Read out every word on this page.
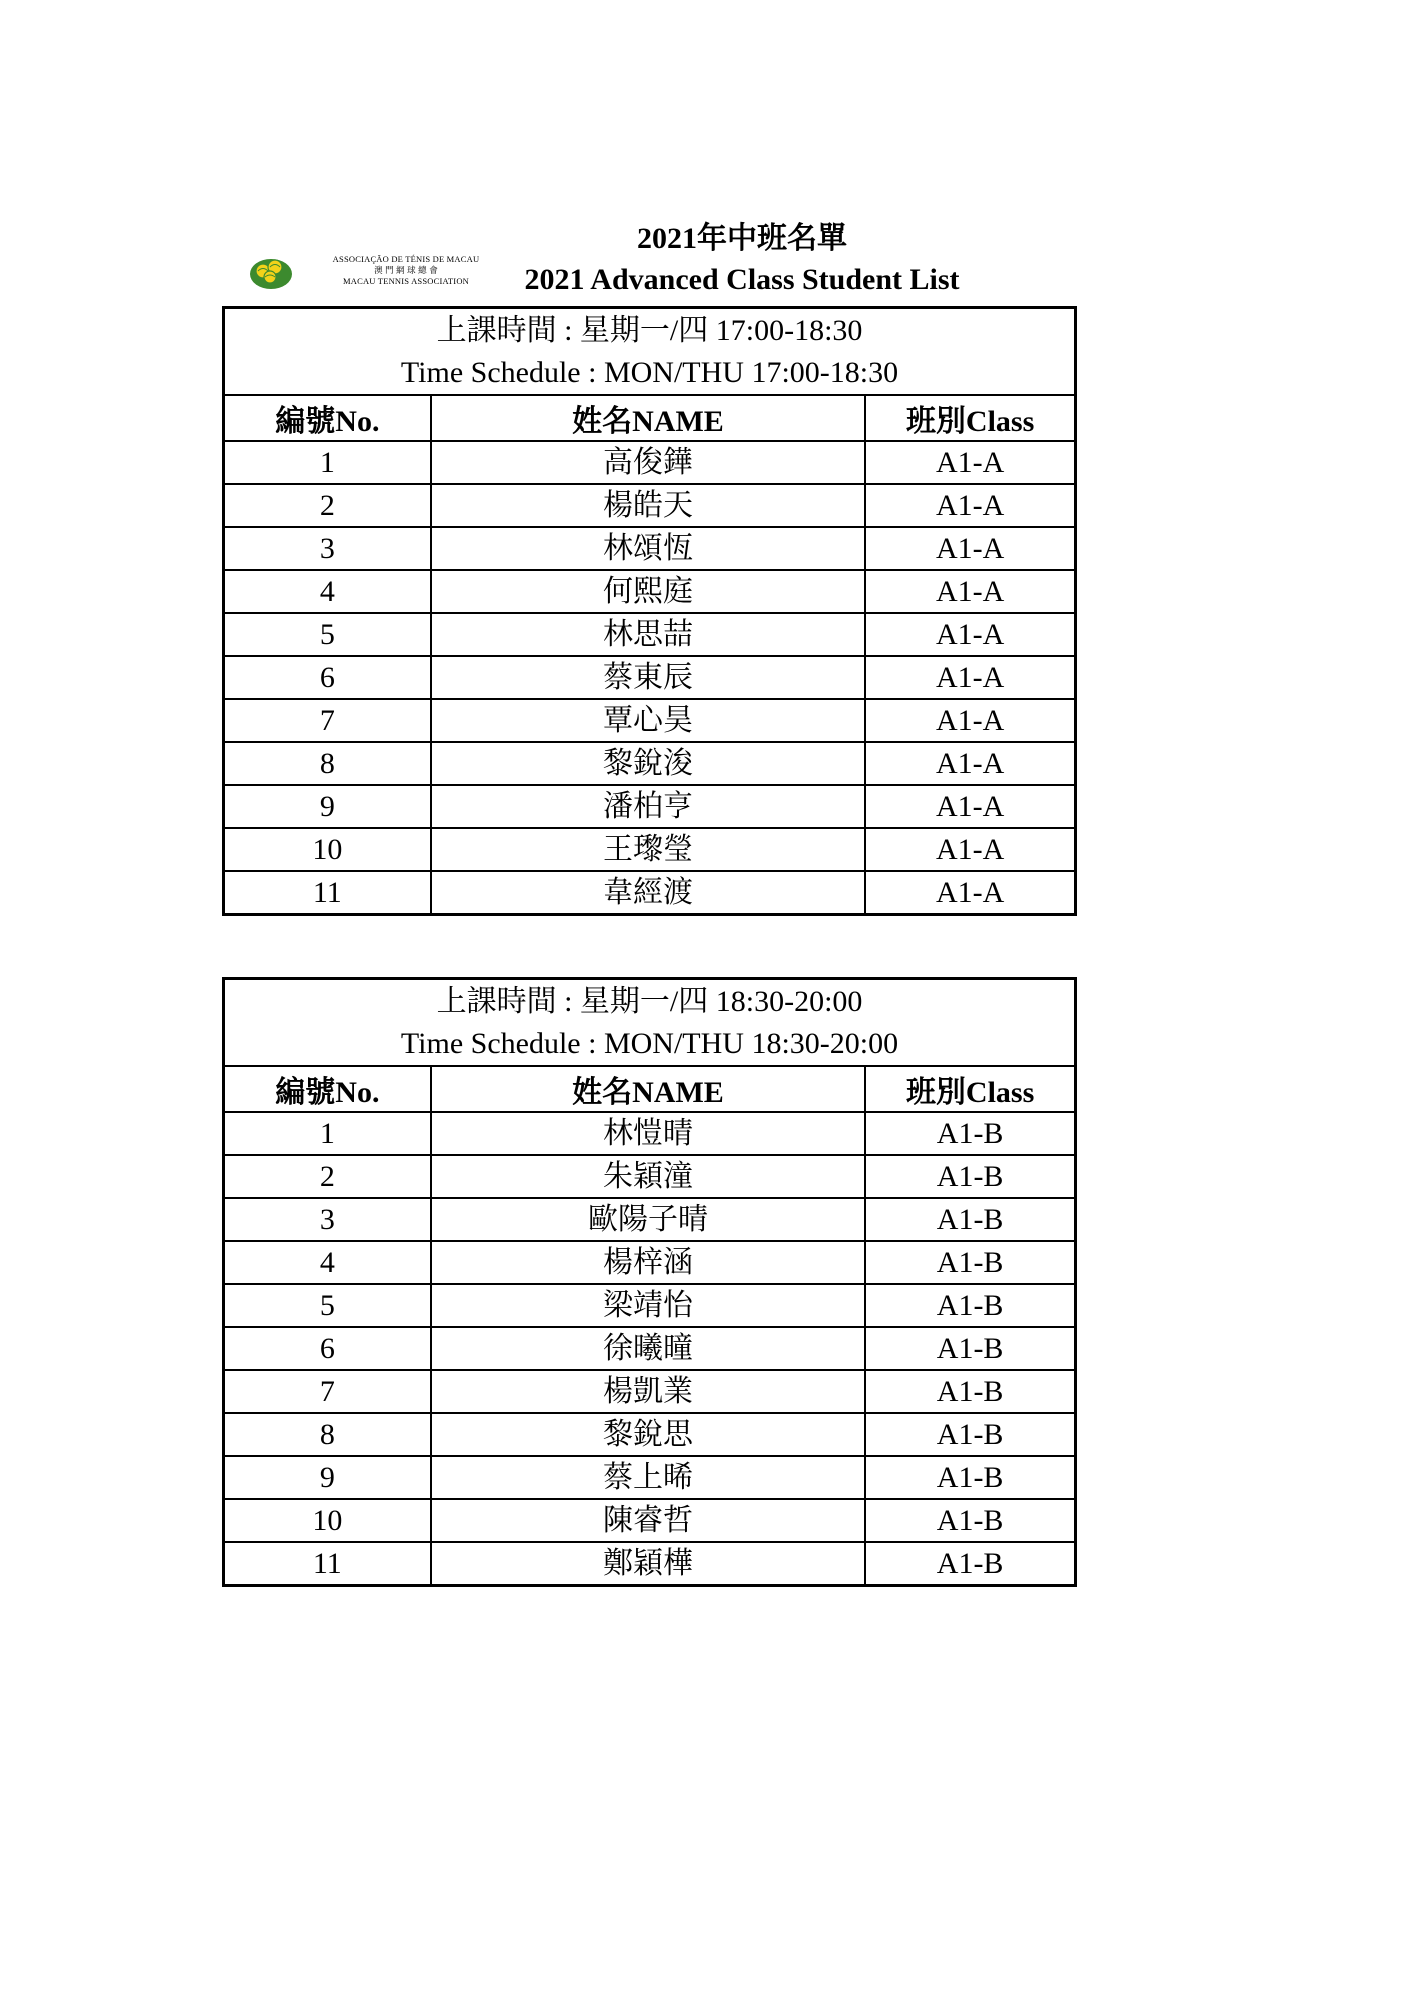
ASSOCIAÇÃO DE TÉNIS DE MACAU
澳 門 網 球 總 會
MACAU TENNIS ASSOCIATION
2021年中班名單
2021 Advanced Class Student List
上課時間 : 星期一/四 17:00-18:30
Time Schedule : MON/THU 17:00-18:30		

編號No.	姓名NAME	班別Class
1	高俊鏵	A1-A
2	楊皓天	A1-A
3	林頌恆	A1-A
4	何熙庭	A1-A
5	林思喆	A1-A
6	蔡東辰	A1-A
7	覃心昊	A1-A
8	黎銳浚	A1-A
9	潘柏亨	A1-A
10	王瓈瑩	A1-A
11	韋經渡	A1-A
上課時間 : 星期一/四 18:30-20:00
Time Schedule : MON/THU 18:30-20:00		

編號No.	姓名NAME	班別Class
1	林愷晴	A1-B
2	朱穎潼	A1-B
3	歐陽子晴	A1-B
4	楊梓涵	A1-B
5	梁靖怡	A1-B
6	徐曦曈	A1-B
7	楊凱業	A1-B
8	黎銳思	A1-B
9	蔡上晞	A1-B
10	陳睿哲	A1-B
11	鄭穎樺	A1-B
